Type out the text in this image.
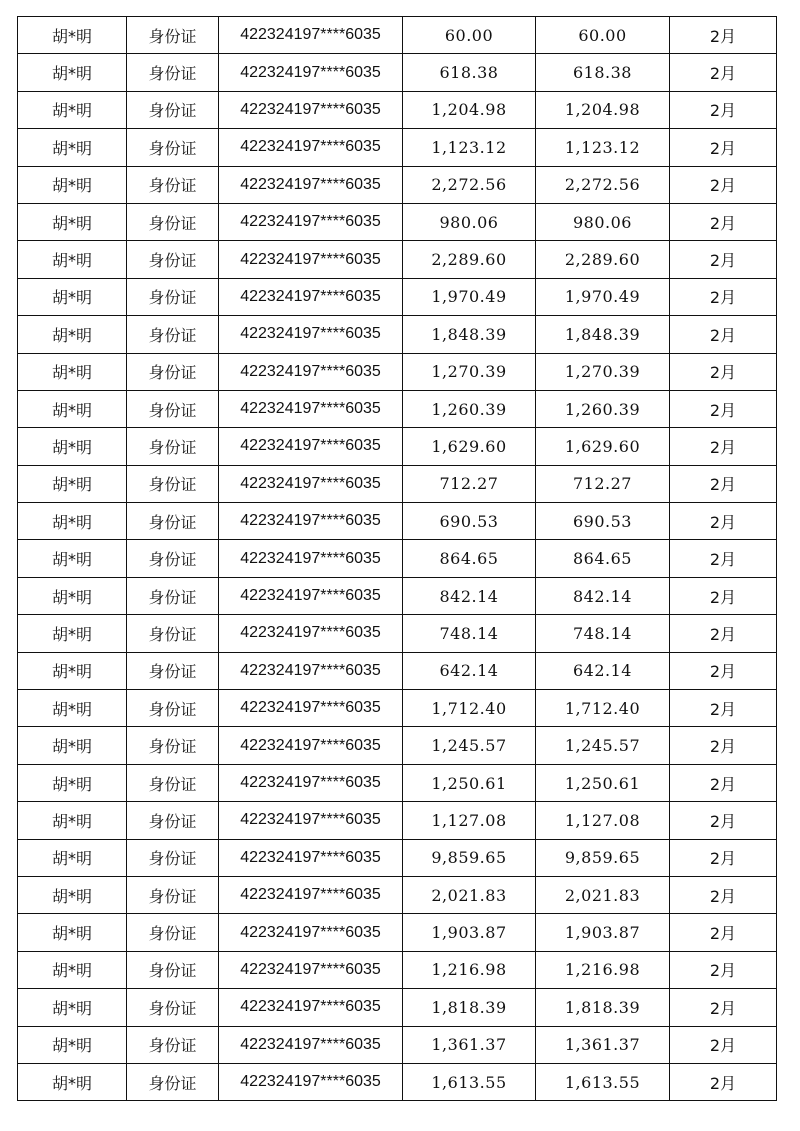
胡*明	身份证	422324197****6035	60.00	60.00	2月
胡*明	身份证	422324197****6035	618.38	618.38	2月
胡*明	身份证	422324197****6035	1,204.98	1,204.98	2月
胡*明	身份证	422324197****6035	1,123.12	1,123.12	2月
胡*明	身份证	422324197****6035	2,272.56	2,272.56	2月
胡*明	身份证	422324197****6035	980.06	980.06	2月
胡*明	身份证	422324197****6035	2,289.60	2,289.60	2月
胡*明	身份证	422324197****6035	1,970.49	1,970.49	2月
胡*明	身份证	422324197****6035	1,848.39	1,848.39	2月
胡*明	身份证	422324197****6035	1,270.39	1,270.39	2月
胡*明	身份证	422324197****6035	1,260.39	1,260.39	2月
胡*明	身份证	422324197****6035	1,629.60	1,629.60	2月
胡*明	身份证	422324197****6035	712.27	712.27	2月
胡*明	身份证	422324197****6035	690.53	690.53	2月
胡*明	身份证	422324197****6035	864.65	864.65	2月
胡*明	身份证	422324197****6035	842.14	842.14	2月
胡*明	身份证	422324197****6035	748.14	748.14	2月
胡*明	身份证	422324197****6035	642.14	642.14	2月
胡*明	身份证	422324197****6035	1,712.40	1,712.40	2月
胡*明	身份证	422324197****6035	1,245.57	1,245.57	2月
胡*明	身份证	422324197****6035	1,250.61	1,250.61	2月
胡*明	身份证	422324197****6035	1,127.08	1,127.08	2月
胡*明	身份证	422324197****6035	9,859.65	9,859.65	2月
胡*明	身份证	422324197****6035	2,021.83	2,021.83	2月
胡*明	身份证	422324197****6035	1,903.87	1,903.87	2月
胡*明	身份证	422324197****6035	1,216.98	1,216.98	2月
胡*明	身份证	422324197****6035	1,818.39	1,818.39	2月
胡*明	身份证	422324197****6035	1,361.37	1,361.37	2月
胡*明	身份证	422324197****6035	1,613.55	1,613.55	2月
